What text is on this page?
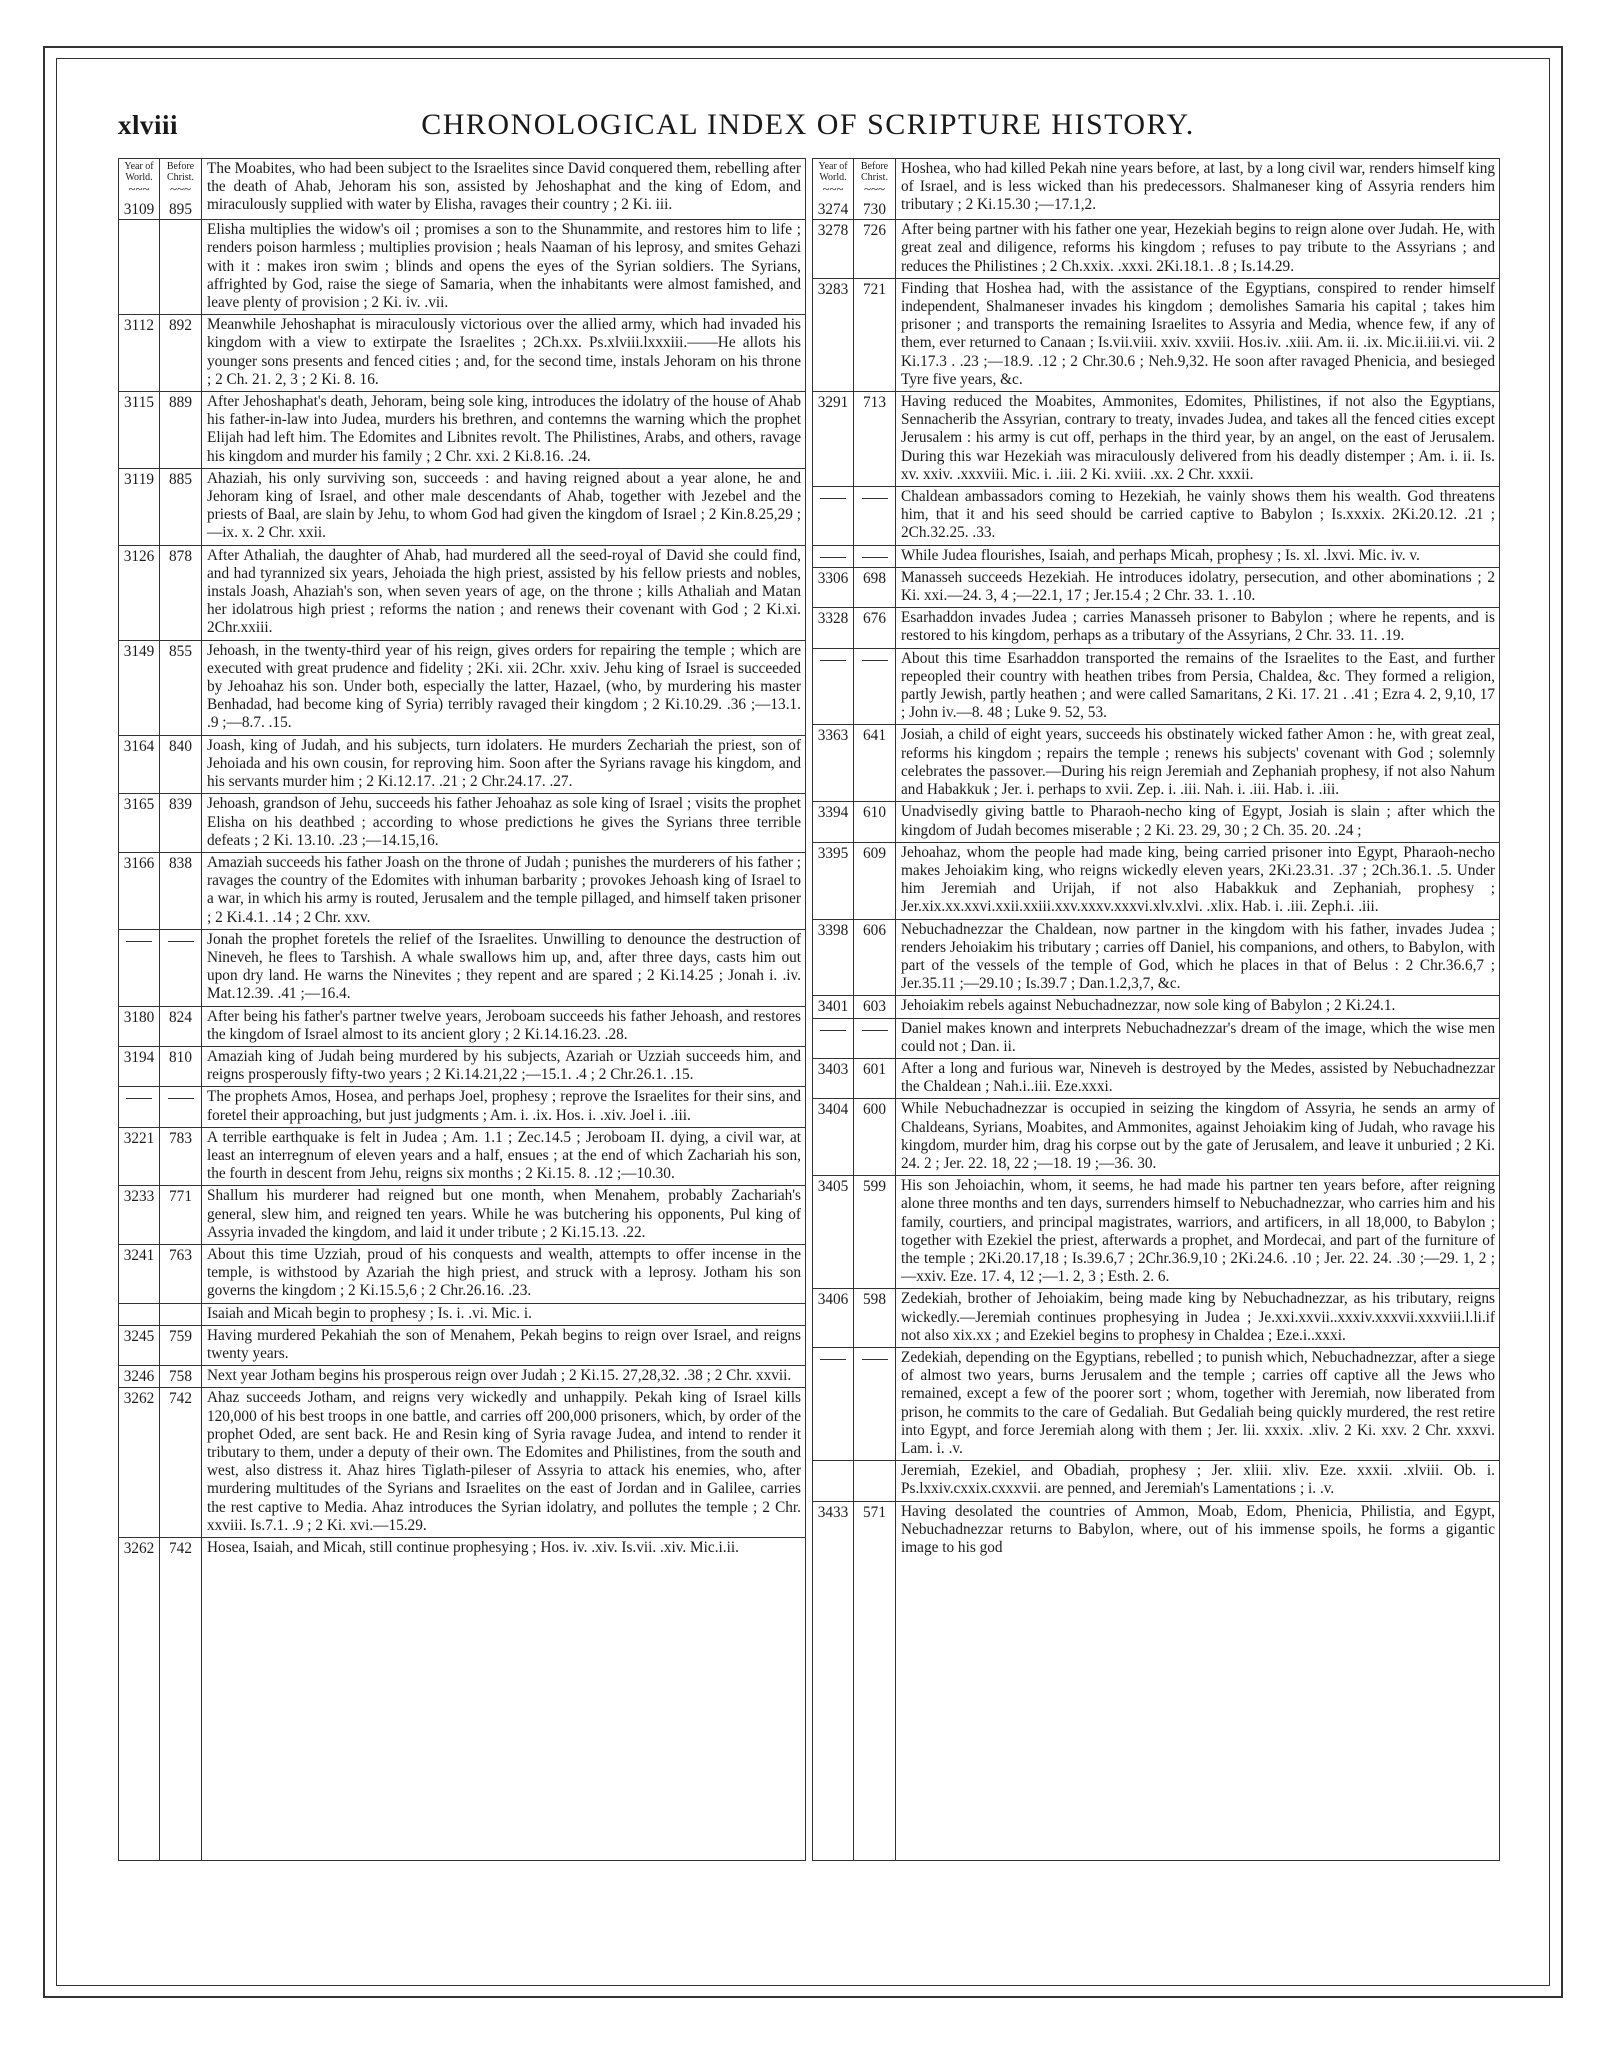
xlviii	CHRONOLOGICAL INDEX OF SCRIPTURE HISTORY.
Year of World.
~~~
3109
Before Christ.
~~~
895
The Moabites, who had been subject to the Israelites since David conquered them, rebelling after the death of Ahab, Jehoram his son, assisted by Jehoshaphat and the king of Edom, and miraculously supplied with water by Elisha, ravages their country ; 2 Ki. iii.
Elisha multiplies the widow's oil ; promises a son to the Shunammite, and restores him to life ; renders poison harmless ; multiplies provision ; heals Naaman of his leprosy, and smites Gehazi with it : makes iron swim ; blinds and opens the eyes of the Syrian soldiers. The Syrians, affrighted by God, raise the siege of Samaria, when the inhabitants were almost famished, and leave plenty of provision ; 2 Ki. iv. .vii.
3112 892 Meanwhile Jehoshaphat is miraculously victorious over the allied army, which had invaded his kingdom with a view to extirpate the Israelites ; 2Ch.xx. Ps.xlviii.lxxxiii.——He allots his younger sons presents and fenced cities ; and, for the second time, instals Jehoram on his throne ; 2 Ch. 21. 2, 3 ; 2 Ki. 8. 16.
3115 889 After Jehoshaphat's death, Jehoram, being sole king, introduces the idolatry of the house of Ahab his father-in-law into Judea, murders his brethren, and contemns the warning which the prophet Elijah had left him. The Edomites and Libnites revolt. The Philistines, Arabs, and others, ravage his kingdom and murder his family ; 2 Chr. xxi. 2 Ki.8.16. .24.
3119 885 Ahaziah, his only surviving son, succeeds : and having reigned about a year alone, he and Jehoram king of Israel, and other male descendants of Ahab, together with Jezebel and the priests of Baal, are slain by Jehu, to whom God had given the kingdom of Israel ; 2 Kin.8.25,29 ;—ix. x. 2 Chr. xxii.
3126 878 After Athaliah, the daughter of Ahab, had murdered all the seed-royal of David she could find, and had tyrannized six years, Jehoiada the high priest, assisted by his fellow priests and nobles, instals Joash, Ahaziah's son, when seven years of age, on the throne ; kills Athaliah and Matan her idolatrous high priest ; reforms the nation ; and renews their covenant with God ; 2 Ki.xi. 2Chr.xxiii.
3149 855 Jehoash, in the twenty-third year of his reign, gives orders for repairing the temple ; which are executed with great prudence and fidelity ; 2Ki. xii. 2Chr. xxiv. Jehu king of Israel is succeeded by Jehoahaz his son. Under both, especially the latter, Hazael, (who, by murdering his master Benhadad, had become king of Syria) terribly ravaged their kingdom ; 2 Ki.10.29. .36 ;—13.1. .9 ;—8.7. .15.
3164 840 Joash, king of Judah, and his subjects, turn idolaters. He murders Zechariah the priest, son of Jehoiada and his own cousin, for reproving him. Soon after the Syrians ravage his kingdom, and his servants murder him ; 2 Ki.12.17. .21 ; 2 Chr.24.17. .27.
3165 839 Jehoash, grandson of Jehu, succeeds his father Jehoahaz as sole king of Israel ; visits the prophet Elisha on his deathbed ; according to whose predictions he gives the Syrians three terrible defeats ; 2 Ki. 13.10. .23 ;—14.15,16.
3166 838 Amaziah succeeds his father Joash on the throne of Judah ; punishes the murderers of his father ; ravages the country of the Edomites with inhuman barbarity ; provokes Jehoash king of Israel to a war, in which his army is routed, Jerusalem and the temple pillaged, and himself taken prisoner ; 2 Ki.4.1. .14 ; 2 Chr. xxv.
Jonah the prophet foretels the relief of the Israelites. Unwilling to denounce the destruction of Nineveh, he flees to Tarshish. A whale swallows him up, and, after three days, casts him out upon dry land. He warns the Ninevites ; they repent and are spared ; 2 Ki.14.25 ; Jonah i. .iv. Mat.12.39. .41 ;—16.4.
3180 824 After being his father's partner twelve years, Jeroboam succeeds his father Jehoash, and restores the kingdom of Israel almost to its ancient glory ; 2 Ki.14.16.23. .28.
3194 810 Amaziah king of Judah being murdered by his subjects, Azariah or Uzziah succeeds him, and reigns prosperously fifty-two years ; 2 Ki.14.21,22 ;—15.1. .4 ; 2 Chr.26.1. .15.
The prophets Amos, Hosea, and perhaps Joel, prophesy ; reprove the Israelites for their sins, and foretel their approaching, but just judgments ; Am. i. .ix. Hos. i. .xiv. Joel i. .iii.
3221 783 A terrible earthquake is felt in Judea ; Am. 1.1 ; Zec.14.5 ; Jeroboam II. dying, a civil war, at least an interregnum of eleven years and a half, ensues ; at the end of which Zachariah his son, the fourth in descent from Jehu, reigns six months ; 2 Ki.15. 8. .12 ;—10.30.
3233 771 Shallum his murderer had reigned but one month, when Menahem, probably Zachariah's general, slew him, and reigned ten years. While he was butchering his opponents, Pul king of Assyria invaded the kingdom, and laid it under tribute ; 2 Ki.15.13. .22.
3241 763 About this time Uzziah, proud of his conquests and wealth, attempts to offer incense in the temple, is withstood by Azariah the high priest, and struck with a leprosy. Jotham his son governs the kingdom ; 2 Ki.15.5,6 ; 2 Chr.26.16. .23.
Isaiah and Micah begin to prophesy ; Is. i. .vi. Mic. i.
3245 759 Having murdered Pekahiah the son of Menahem, Pekah begins to reign over Israel, and reigns twenty years.
3246 758 Next year Jotham begins his prosperous reign over Judah ; 2 Ki.15. 27,28,32. .38 ; 2 Chr. xxvii.
3262 742 Ahaz succeeds Jotham, and reigns very wickedly and unhappily. Pekah king of Israel kills 120,000 of his best troops in one battle, and carries off 200,000 prisoners, which, by order of the prophet Oded, are sent back. He and Resin king of Syria ravage Judea, and intend to render it tributary to them, under a deputy of their own. The Edomites and Philistines, from the south and west, also distress it. Ahaz hires Tiglath-pileser of Assyria to attack his enemies, who, after murdering multitudes of the Syrians and Israelites on the east of Jordan and in Galilee, carries the rest captive to Media. Ahaz introduces the Syrian idolatry, and pollutes the temple ; 2 Chr. xxviii. Is.7.1. .9 ; 2 Ki. xvi.—15.29.
3262 742 Hosea, Isaiah, and Micah, still continue prophesying ; Hos. iv. .xiv. Is.vii. .xiv. Mic.i.ii.
Year of World.
~~~
3274
Before Christ.
~~~
730
Hoshea, who had killed Pekah nine years before, at last, by a long civil war, renders himself king of Israel, and is less wicked than his predecessors. Shalmaneser king of Assyria renders him tributary ; 2 Ki.15.30 ;—17.1,2.
3278 726 After being partner with his father one year, Hezekiah begins to reign alone over Judah. He, with great zeal and diligence, reforms his kingdom ; refuses to pay tribute to the Assyrians ; and reduces the Philistines ; 2 Ch.xxix. .xxxi. 2Ki.18.1. .8 ; Is.14.29.
3283 721 Finding that Hoshea had, with the assistance of the Egyptians, conspired to render himself independent, Shalmaneser invades his kingdom ; demolishes Samaria his capital ; takes him prisoner ; and transports the remaining Israelites to Assyria and Media, whence few, if any of them, ever returned to Canaan ; Is.vii.viii. xxiv. xxviii. Hos.iv. .xiii. Am. ii. .ix. Mic.ii.iii.vi. vii. 2 Ki.17.3 . .23 ;—18.9. .12 ; 2 Chr.30.6 ; Neh.9,32. He soon after ravaged Phenicia, and besieged Tyre five years, &c.
3291 713 Having reduced the Moabites, Ammonites, Edomites, Philistines, if not also the Egyptians, Sennacherib the Assyrian, contrary to treaty, invades Judea, and takes all the fenced cities except Jerusalem : his army is cut off, perhaps in the third year, by an angel, on the east of Jerusalem. During this war Hezekiah was miraculously delivered from his deadly distemper ; Am. i. ii. Is. xv. xxiv. .xxxviii. Mic. i. .iii. 2 Ki. xviii. .xx. 2 Chr. xxxii.
Chaldean ambassadors coming to Hezekiah, he vainly shows them his wealth. God threatens him, that it and his seed should be carried captive to Babylon ; Is.xxxix. 2Ki.20.12. .21 ; 2Ch.32.25. .33.
While Judea flourishes, Isaiah, and perhaps Micah, prophesy ; Is. xl. .lxvi. Mic. iv. v.
3306 698 Manasseh succeeds Hezekiah. He introduces idolatry, persecution, and other abominations ; 2 Ki. xxi.—24. 3, 4 ;—22.1, 17 ; Jer.15.4 ; 2 Chr. 33. 1. .10.
3328 676 Esarhaddon invades Judea ; carries Manasseh prisoner to Babylon ; where he repents, and is restored to his kingdom, perhaps as a tributary of the Assyrians, 2 Chr. 33. 11. .19.
About this time Esarhaddon transported the remains of the Israelites to the East, and further repeopled their country with heathen tribes from Persia, Chaldea, &c. They formed a religion, partly Jewish, partly heathen ; and were called Samaritans, 2 Ki. 17. 21 . .41 ; Ezra 4. 2, 9,10, 17 ; John iv.—8. 48 ; Luke 9. 52, 53.
3363 641 Josiah, a child of eight years, succeeds his obstinately wicked father Amon : he, with great zeal, reforms his kingdom ; repairs the temple ; renews his subjects' covenant with God ; solemnly celebrates the passover.—During his reign Jeremiah and Zephaniah prophesy, if not also Nahum and Habakkuk ; Jer. i. perhaps to xvii. Zep. i. .iii. Nah. i. .iii. Hab. i. .iii.
3394 610 Unadvisedly giving battle to Pharaoh-necho king of Egypt, Josiah is slain ; after which the kingdom of Judah becomes miserable ; 2 Ki. 23. 29, 30 ; 2 Ch. 35. 20. .24 ;
3395 609 Jehoahaz, whom the people had made king, being carried prisoner into Egypt, Pharaoh-necho makes Jehoiakim king, who reigns wickedly eleven years, 2Ki.23.31. .37 ; 2Ch.36.1. .5. Under him Jeremiah and Urijah, if not also Habakkuk and Zephaniah, prophesy ; Jer.xix.xx.xxvi.xxii.xxiii.xxv.xxxv.xxxvi.xlv.xlvi. .xlix. Hab. i. .iii. Zeph.i. .iii.
3398 606 Nebuchadnezzar the Chaldean, now partner in the kingdom with his father, invades Judea ; renders Jehoiakim his tributary ; carries off Daniel, his companions, and others, to Babylon, with part of the vessels of the temple of God, which he places in that of Belus : 2 Chr.36.6,7 ; Jer.35.11 ;—29.10 ; Is.39.7 ; Dan.1.2,3,7, &c.
3401 603 Jehoiakim rebels against Nebuchadnezzar, now sole king of Babylon ; 2 Ki.24.1.
Daniel makes known and interprets Nebuchadnezzar's dream of the image, which the wise men could not ; Dan. ii.
3403 601 After a long and furious war, Nineveh is destroyed by the Medes, assisted by Nebuchadnezzar the Chaldean ; Nah.i..iii. Eze.xxxi.
3404 600 While Nebuchadnezzar is occupied in seizing the kingdom of Assyria, he sends an army of Chaldeans, Syrians, Moabites, and Ammonites, against Jehoiakim king of Judah, who ravage his kingdom, murder him, drag his corpse out by the gate of Jerusalem, and leave it unburied ; 2 Ki. 24. 2 ; Jer. 22. 18, 22 ;—18. 19 ;—36. 30.
3405 599 His son Jehoiachin, whom, it seems, he had made his partner ten years before, after reigning alone three months and ten days, surrenders himself to Nebuchadnezzar, who carries him and his family, courtiers, and principal magistrates, warriors, and artificers, in all 18,000, to Babylon ; together with Ezekiel the priest, afterwards a prophet, and Mordecai, and part of the furniture of the temple ; 2Ki.20.17,18 ; Is.39.6,7 ; 2Chr.36.9,10 ; 2Ki.24.6. .10 ; Jer. 22. 24. .30 ;—29. 1, 2 ;—xxiv. Eze. 17. 4, 12 ;—1. 2, 3 ; Esth. 2. 6.
3406 598 Zedekiah, brother of Jehoiakim, being made king by Nebuchadnezzar, as his tributary, reigns wickedly.—Jeremiah continues prophesying in Judea ; Je.xxi.xxvii..xxxiv.xxxvii.xxxviii.l.li.if not also xix.xx ; and Ezekiel begins to prophesy in Chaldea ; Eze.i..xxxi.
Zedekiah, depending on the Egyptians, rebelled ; to punish which, Nebuchadnezzar, after a siege of almost two years, burns Jerusalem and the temple ; carries off captive all the Jews who remained, except a few of the poorer sort ; whom, together with Jeremiah, now liberated from prison, he commits to the care of Gedaliah. But Gedaliah being quickly murdered, the rest retire into Egypt, and force Jeremiah along with them ; Jer. lii. xxxix. .xliv. 2 Ki. xxv. 2 Chr. xxxvi. Lam. i. .v.
Jeremiah, Ezekiel, and Obadiah, prophesy ; Jer. xliii. xliv. Eze. xxxii. .xlviii. Ob. i. Ps.lxxiv.cxxix.cxxxvii. are penned, and Jeremiah's Lamentations ; i. .v.
3433 571 Having desolated the countries of Ammon, Moab, Edom, Phenicia, Philistia, and Egypt, Nebuchadnezzar returns to Babylon, where, out of his immense spoils, he forms a gigantic image to his god
